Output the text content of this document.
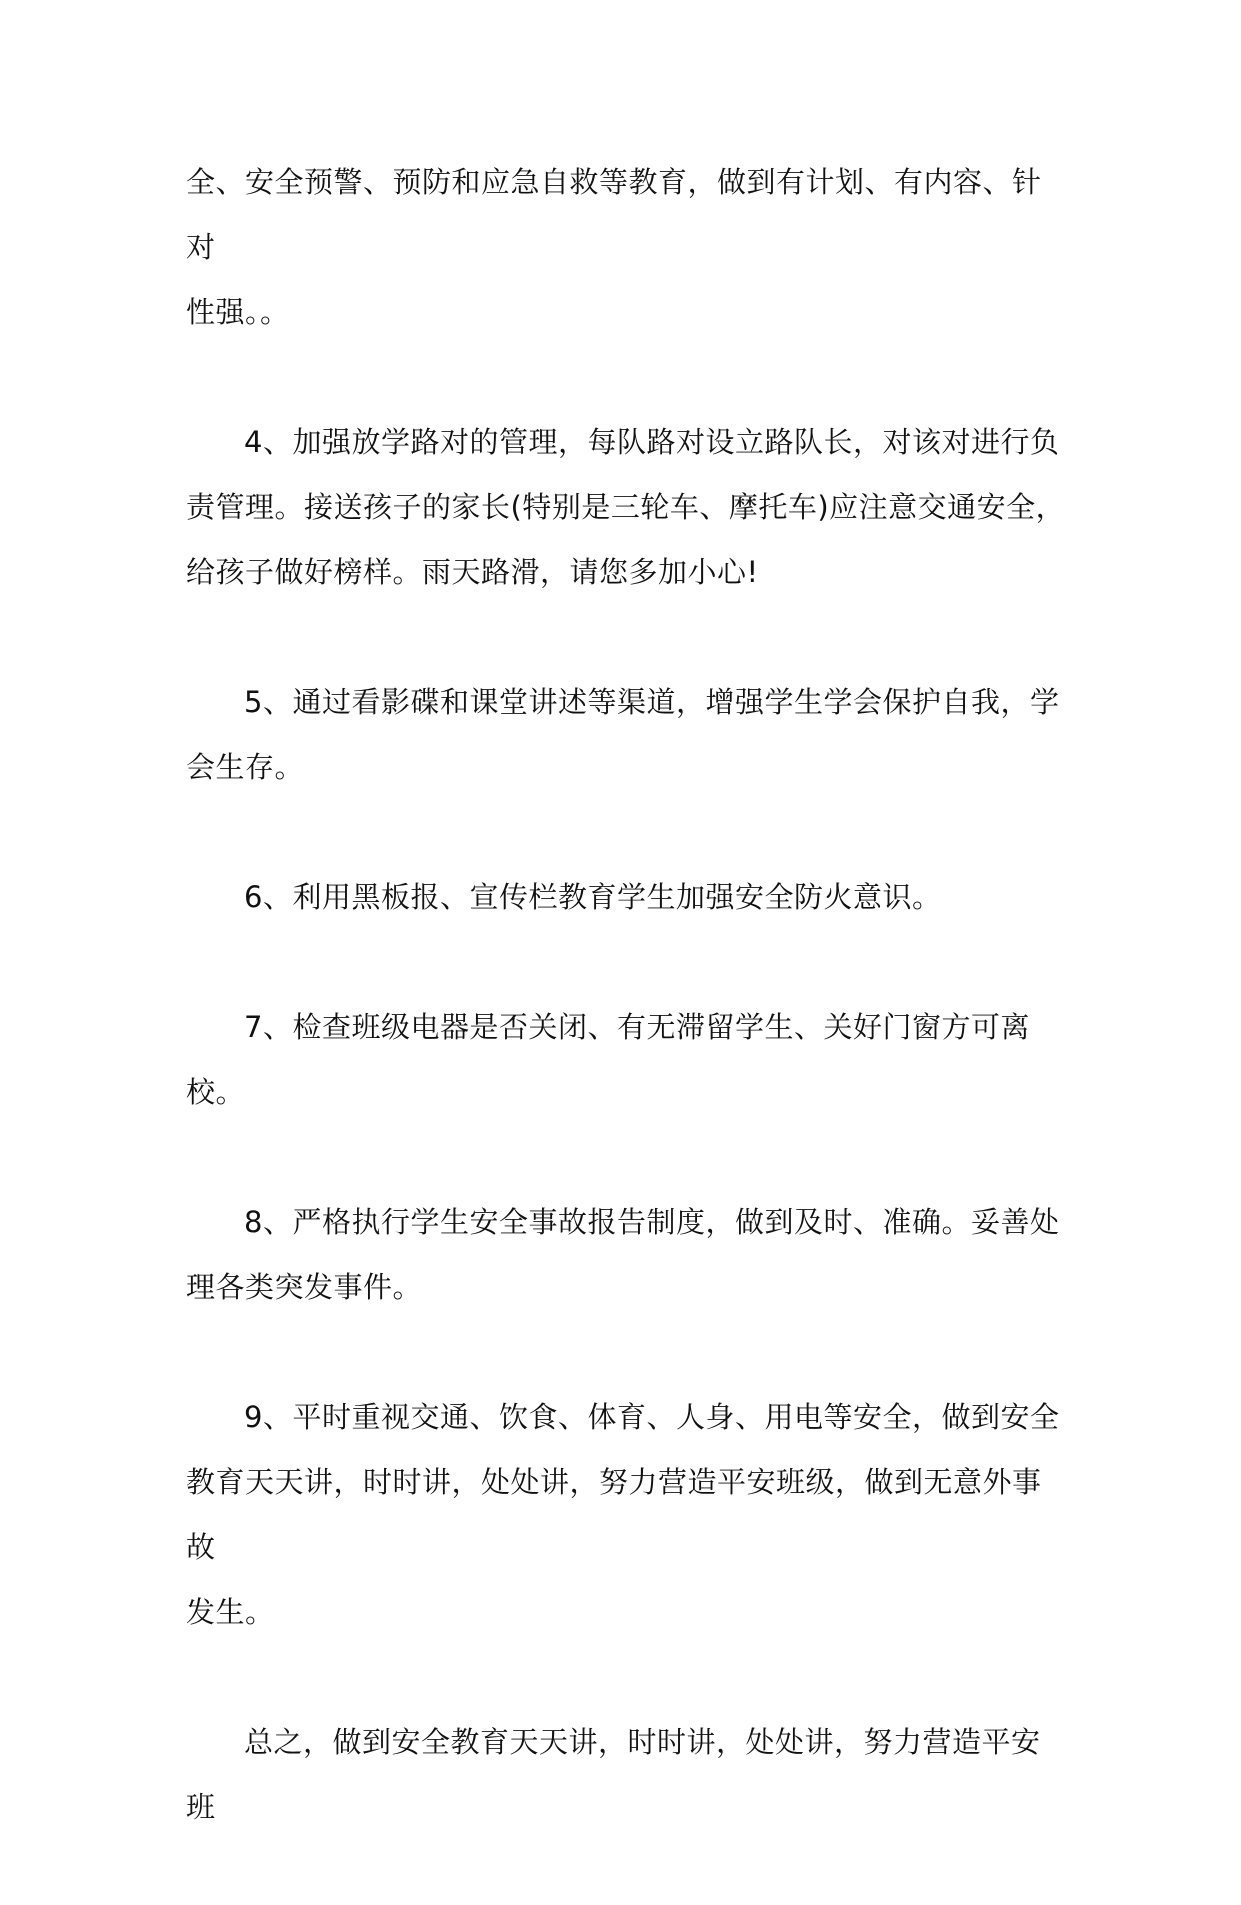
全、安全预警、预防和应急自救等教育，做到有计划、有内容、针对
性强。。

4、加强放学路对的管理，每队路对设立路队长，对该对进行负
责管理。接送孩子的家长(特别是三轮车、摩托车)应注意交通安全，
给孩子做好榜样。雨天路滑，请您多加小心!

5、通过看影碟和课堂讲述等渠道，增强学生学会保护自我，学
会生存。

6、利用黑板报、宣传栏教育学生加强安全防火意识。

7、检查班级电器是否关闭、有无滞留学生、关好门窗方可离校。

8、严格执行学生安全事故报告制度，做到及时、准确。妥善处
理各类突发事件。

9、平时重视交通、饮食、体育、人身、用电等安全，做到安全
教育天天讲，时时讲，处处讲，努力营造平安班级，做到无意外事故
发生。

总之，做到安全教育天天讲，时时讲，处处讲，努力营造平安班
